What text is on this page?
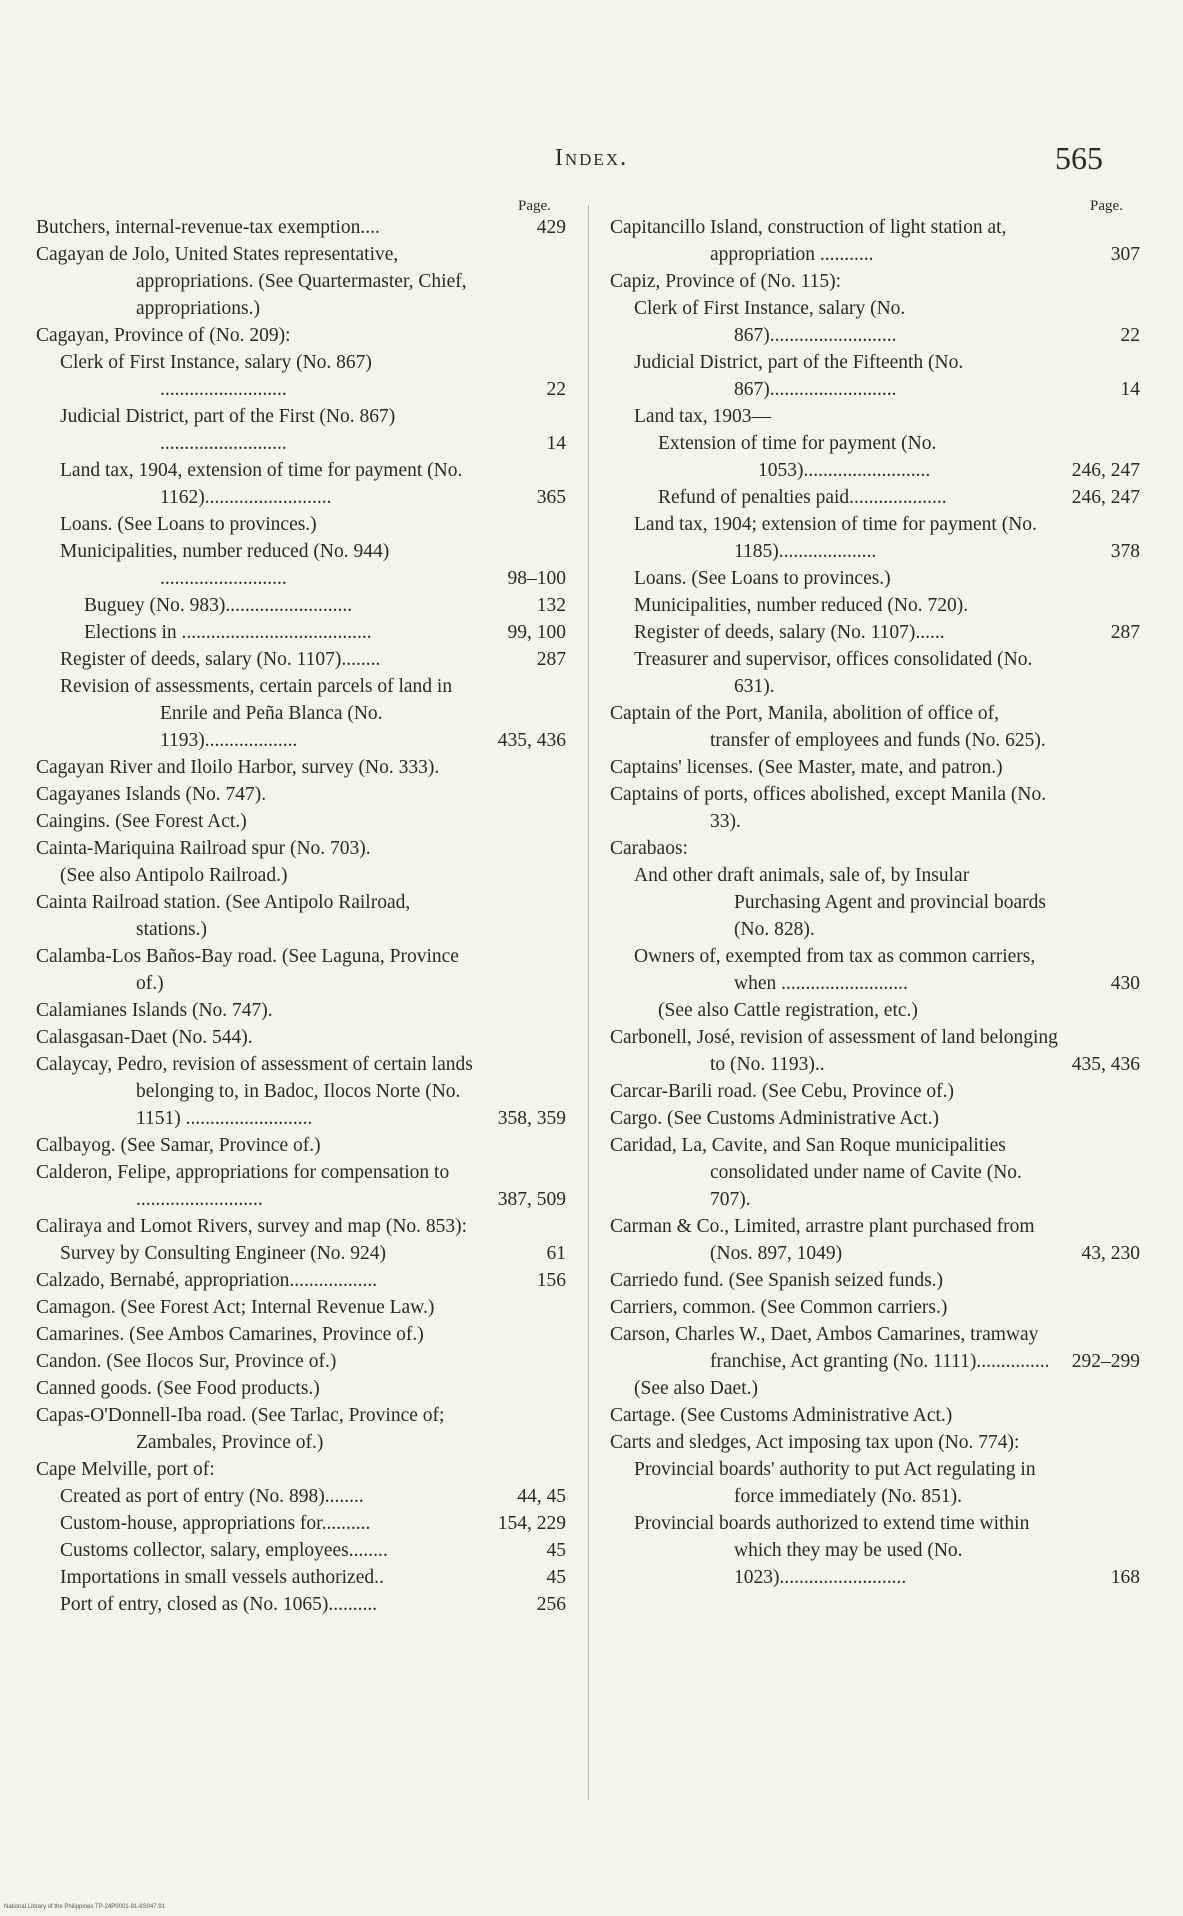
Index.	565
Page.	Page.
Butchers, internal-revenue-tax exemption....	429
Cagayan de Jolo, United States representative, appropriations. (See Quartermaster, Chief, appropriations.)
Cagayan, Province of (No. 209):
Clerk of First Instance, salary (No. 867) ..........................	22
Judicial District, part of the First (No. 867) ..........................	14
Land tax, 1904, extension of time for payment (No. 1162)..........................	365
Loans. (See Loans to provinces.)
Municipalities, number reduced (No. 944) ..........................	98–100
Buguey (No. 983)..........................	132
Elections in .......................................	99, 100
Register of deeds, salary (No. 1107)........	287
Revision of assessments, certain parcels of land in Enrile and Peña Blanca (No. 1193)...................	435, 436
Cagayan River and Iloilo Harbor, survey (No. 333).
Cagayanes Islands (No. 747).
Caingins. (See Forest Act.)
Cainta-Mariquina Railroad spur (No. 703).
(See also Antipolo Railroad.)
Cainta Railroad station. (See Antipolo Railroad, stations.)
Calamba-Los Baños-Bay road. (See Laguna, Province of.)
Calamianes Islands (No. 747).
Calasgasan-Daet (No. 544).
Calaycay, Pedro, revision of assessment of certain lands belonging to, in Badoc, Ilocos Norte (No. 1151) ..........................	358, 359
Calbayog. (See Samar, Province of.)
Calderon, Felipe, appropriations for compensation to ..........................	387, 509
Caliraya and Lomot Rivers, survey and map (No. 853):
Survey by Consulting Engineer (No. 924)	61
Calzado, Bernabé, appropriation..................	156
Camagon. (See Forest Act; Internal Revenue Law.)
Camarines. (See Ambos Camarines, Province of.)
Candon. (See Ilocos Sur, Province of.)
Canned goods. (See Food products.)
Capas-O'Donnell-Iba road. (See Tarlac, Province of; Zambales, Province of.)
Cape Melville, port of:
Created as port of entry (No. 898)........	44, 45
Custom-house, appropriations for..........	154, 229
Customs collector, salary, employees........	45
Importations in small vessels authorized..	45
Port of entry, closed as (No. 1065)..........	256
Capitancillo Island, construction of light station at, appropriation ...........	307
Capiz, Province of (No. 115):
Clerk of First Instance, salary (No. 867)..........................	22
Judicial District, part of the Fifteenth (No. 867)..........................	14
Land tax, 1903—
Extension of time for payment (No. 1053)..........................	246, 247
Refund of penalties paid....................	246, 247
Land tax, 1904; extension of time for payment (No. 1185)....................	378
Loans. (See Loans to provinces.)
Municipalities, number reduced (No. 720).
Register of deeds, salary (No. 1107)......	287
Treasurer and supervisor, offices consolidated (No. 631).
Captain of the Port, Manila, abolition of office of, transfer of employees and funds (No. 625).
Captains' licenses. (See Master, mate, and patron.)
Captains of ports, offices abolished, except Manila (No. 33).
Carabaos:
And other draft animals, sale of, by Insular Purchasing Agent and provincial boards (No. 828).
Owners of, exempted from tax as common carriers, when ..........................	430
(See also Cattle registration, etc.)
Carbonell, José, revision of assessment of land belonging to (No. 1193)..	435, 436
Carcar-Barili road. (See Cebu, Province of.)
Cargo. (See Customs Administrative Act.)
Caridad, La, Cavite, and San Roque municipalities consolidated under name of Cavite (No. 707).
Carman & Co., Limited, arrastre plant purchased from (Nos. 897, 1049)	43, 230
Carriedo fund. (See Spanish seized funds.)
Carriers, common. (See Common carriers.)
Carson, Charles W., Daet, Ambos Camarines, tramway franchise, Act granting (No. 1111)...............	292–299
(See also Daet.)
Cartage. (See Customs Administrative Act.)
Carts and sledges, Act imposing tax upon (No. 774):
Provincial boards' authority to put Act regulating in force immediately (No. 851).
Provincial boards authorized to extend time within which they may be used (No. 1023)..........................	168
National Library of the Philippines TP-24P0001-91-8S047.91
